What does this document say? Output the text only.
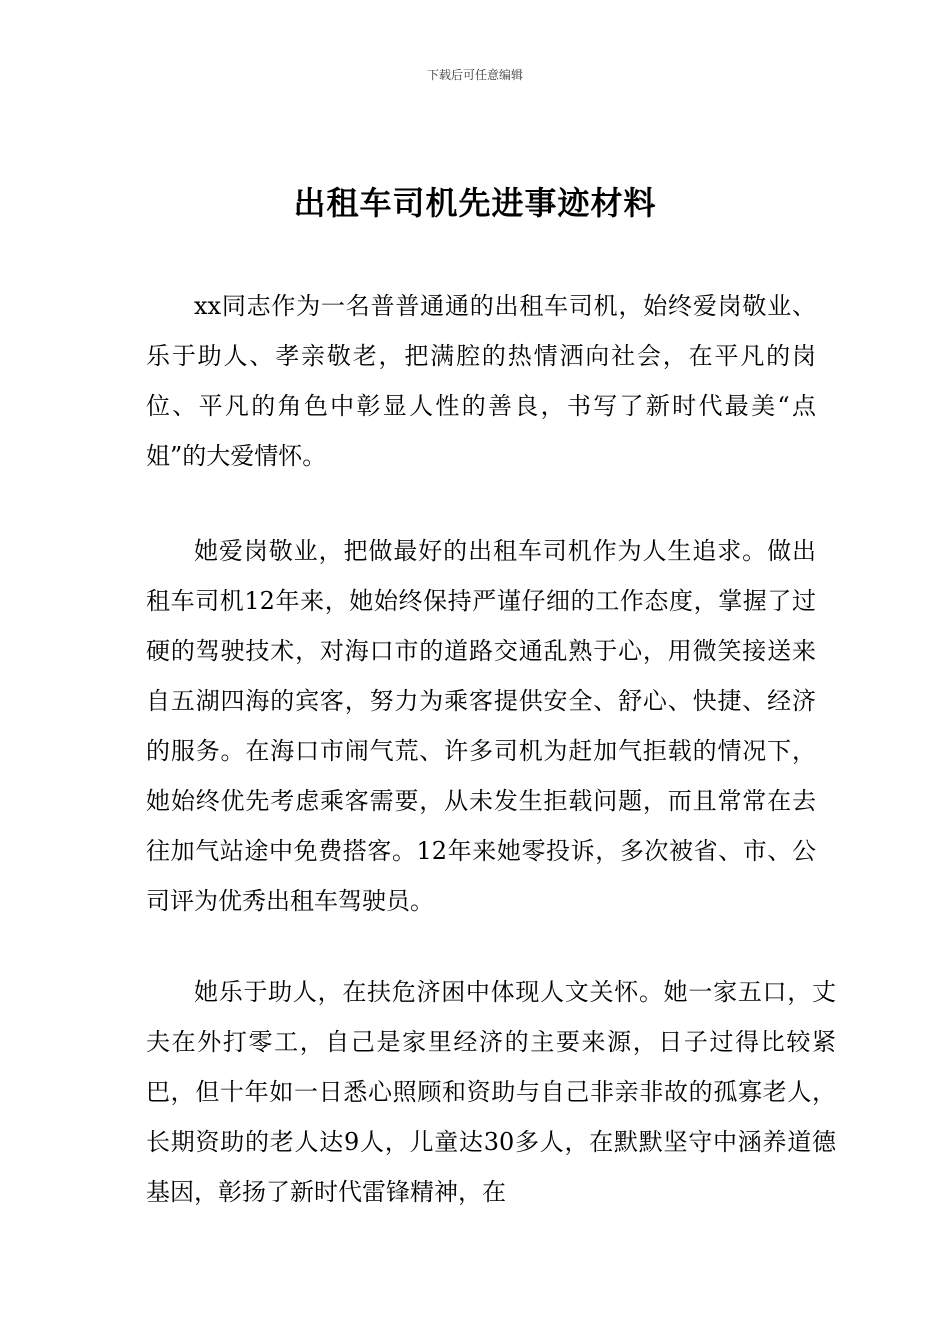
下载后可任意编辑
出租车司机先进事迹材料

xx同志作为一名普普通通的出租车司机，始终爱岗敬业、乐于助人、孝亲敬老，把满腔的热情洒向社会，在平凡的岗位、平凡的角色中彰显人性的善良，书写了新时代最美“点姐”的大爱情怀。

她爱岗敬业，把做最好的出租车司机作为人生追求。做出租车司机12年来，她始终保持严谨仔细的工作态度，掌握了过硬的驾驶技术，对海口市的道路交通乱熟于心，用微笑接送来自五湖四海的宾客，努力为乘客提供安全、舒心、快捷、经济的服务。在海口市闹气荒、许多司机为赶加气拒载的情况下，她始终优先考虑乘客需要，从未发生拒载问题，而且常常在去往加气站途中免费搭客。12年来她零投诉，多次被省、市、公司评为优秀出租车驾驶员。

她乐于助人，在扶危济困中体现人文关怀。她一家五口，丈夫在外打零工，自己是家里经济的主要来源，日子过得比较紧巴，但十年如一日悉心照顾和资助与自己非亲非故的孤寡老人，长期资助的老人达9人，儿童达30多人，在默默坚守中涵养道德基因，彰扬了新时代雷锋精神，在
